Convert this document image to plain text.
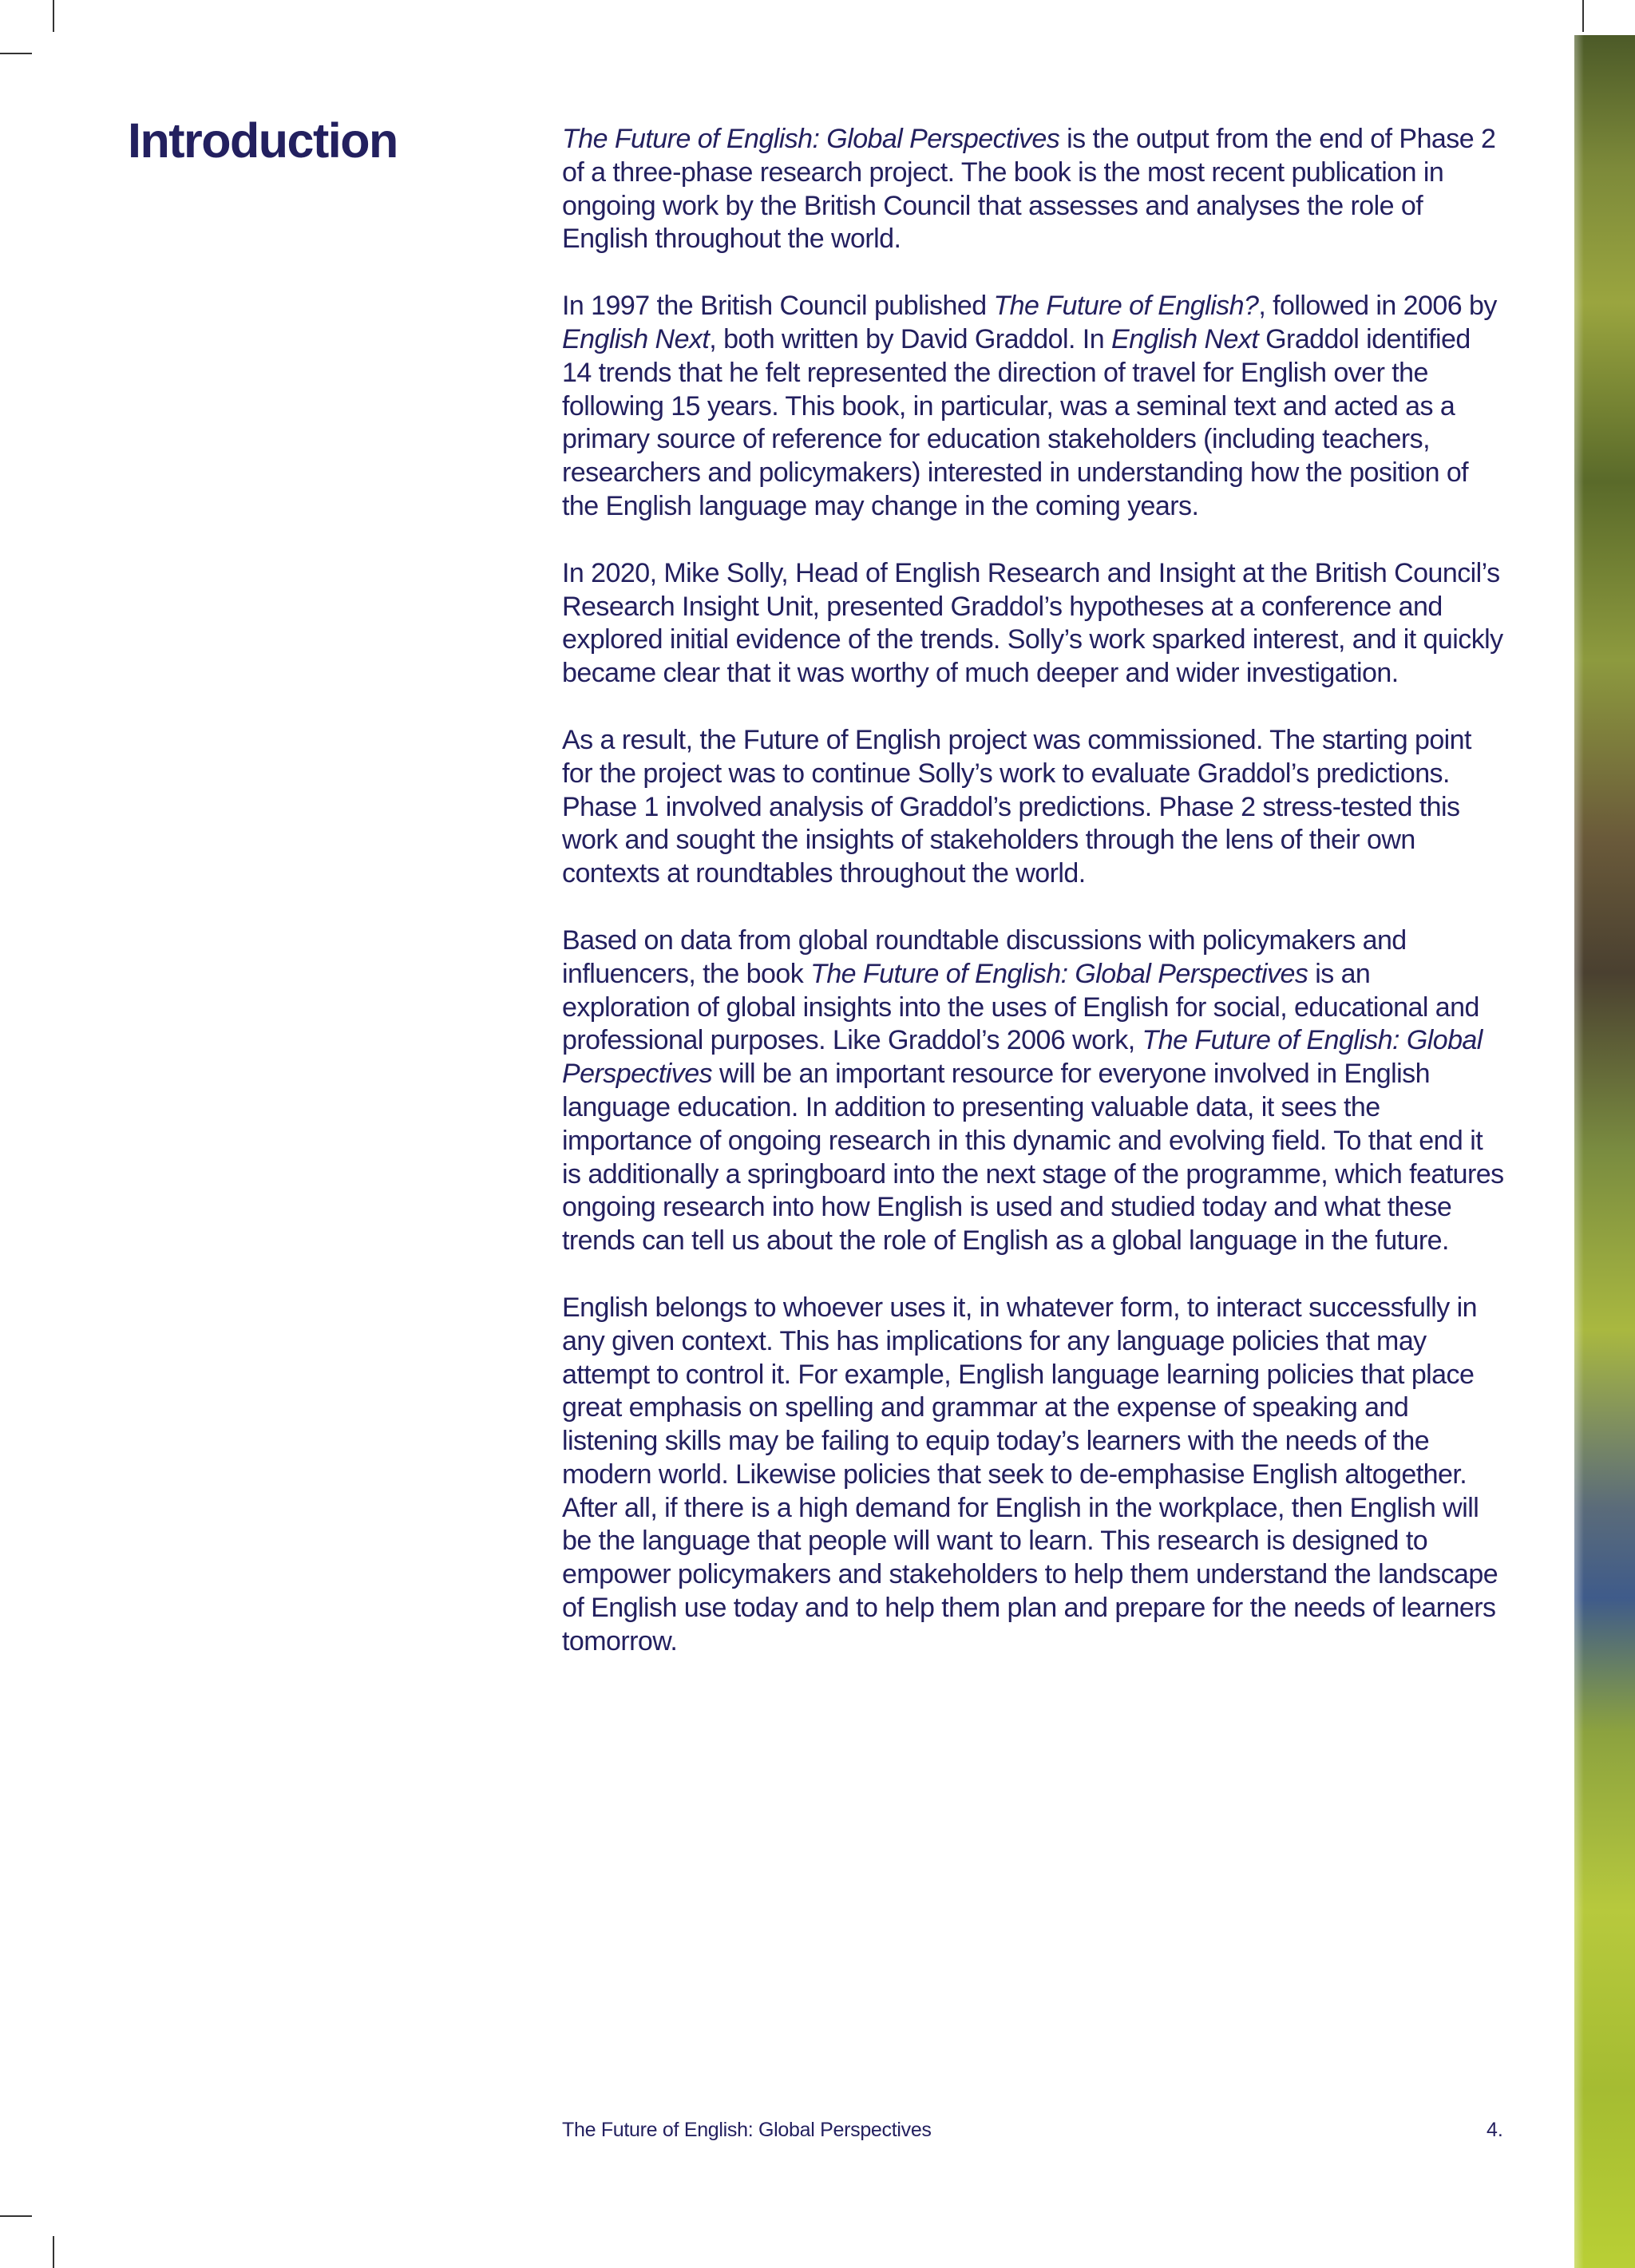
Introduction	The Future of English: Global Perspectives is the output from the end of Phase 2 of a three-phase research project. The book is the most recent publication in ongoing work by the British Council that assesses and analyses the role of English throughout the world.

In 1997 the British Council published The Future of English?, followed in 2006 by English Next, both written by David Graddol. In English Next Graddol identified 14 trends that he felt represented the direction of travel for English over the following 15 years. This book, in particular, was a seminal text and acted as a primary source of reference for education stakeholders (including teachers, researchers and policymakers) interested in understanding how the position of the English language may change in the coming years.

In 2020, Mike Solly, Head of English Research and Insight at the British Council’s Research Insight Unit, presented Graddol’s hypotheses at a conference and explored initial evidence of the trends. Solly’s work sparked interest, and it quickly became clear that it was worthy of much deeper and wider investigation.

As a result, the Future of English project was commissioned. The starting point for the project was to continue Solly’s work to evaluate Graddol’s predictions. Phase 1 involved analysis of Graddol’s predictions. Phase 2 stress-tested this work and sought the insights of stakeholders through the lens of their own contexts at roundtables throughout the world.

Based on data from global roundtable discussions with policymakers and influencers, the book The Future of English: Global Perspectives is an exploration of global insights into the uses of English for social, educational and professional purposes. Like Graddol’s 2006 work, The Future of English: Global Perspectives will be an important resource for everyone involved in English language education. In addition to presenting valuable data, it sees the importance of ongoing research in this dynamic and evolving field. To that end it is additionally a springboard into the next stage of the programme, which features ongoing research into how English is used and studied today and what these trends can tell us about the role of English as a global language in the future.

English belongs to whoever uses it, in whatever form, to interact successfully in any given context. This has implications for any language policies that may attempt to control it. For example, English language learning policies that place great emphasis on spelling and grammar at the expense of speaking and listening skills may be failing to equip today’s learners with the needs of the modern world. Likewise policies that seek to de-emphasise English altogether. After all, if there is a high demand for English in the workplace, then English will be the language that people will want to learn. This research is designed to empower policymakers and stakeholders to help them understand the landscape of English use today and to help them plan and prepare for the needs of learners tomorrow.

The Future of English: Global Perspectives	4.
